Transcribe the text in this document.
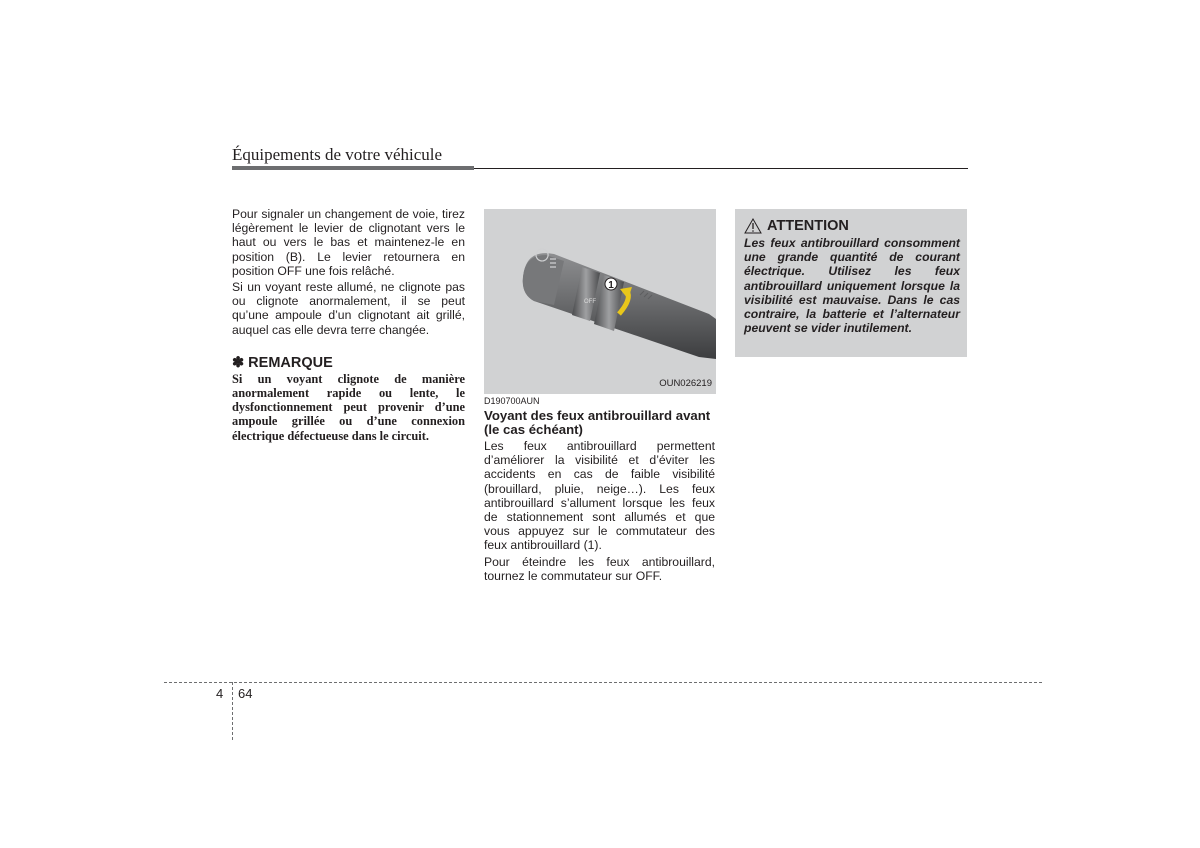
Équipements de votre véhicule

Pour signaler un changement de voie, tirez légèrement le levier de clignotant vers le haut ou vers le bas et maintenez-le en position (B). Le levier retournera en position OFF une fois relâché.

Si un voyant reste allumé, ne clignote pas ou clignote anormalement, il se peut qu’une ampoule d’un clignotant ait grillé, auquel cas elle devra terre changée.

✽ REMARQUE
Si un voyant clignote de manière anormalement rapide ou lente, le dysfonctionnement peut provenir d’une ampoule grillée ou d’une connexion électrique défectueuse dans le circuit.
1
OFF
OUN026219
D190700AUN
Voyant des feux antibrouillard avant (le cas échéant)

Les feux antibrouillard permettent d’améliorer la visibilité et d’éviter les accidents en cas de faible visibilité (brouillard, pluie, neige…). Les feux antibrouillard s’allument lorsque les feux de stationnement sont allumés et que vous appuyez sur le commutateur des feux antibrouillard (1).

Pour éteindre les feux antibrouillard, tournez le commutateur sur OFF.

ATTENTION
Les feux antibrouillard consomment une grande quantité de courant électrique. Utilisez les feux antibrouillard uniquement lorsque la visibilité est mauvaise. Dans le cas contraire, la batterie et l’alternateur peuvent se vider inutilement.
4 64
